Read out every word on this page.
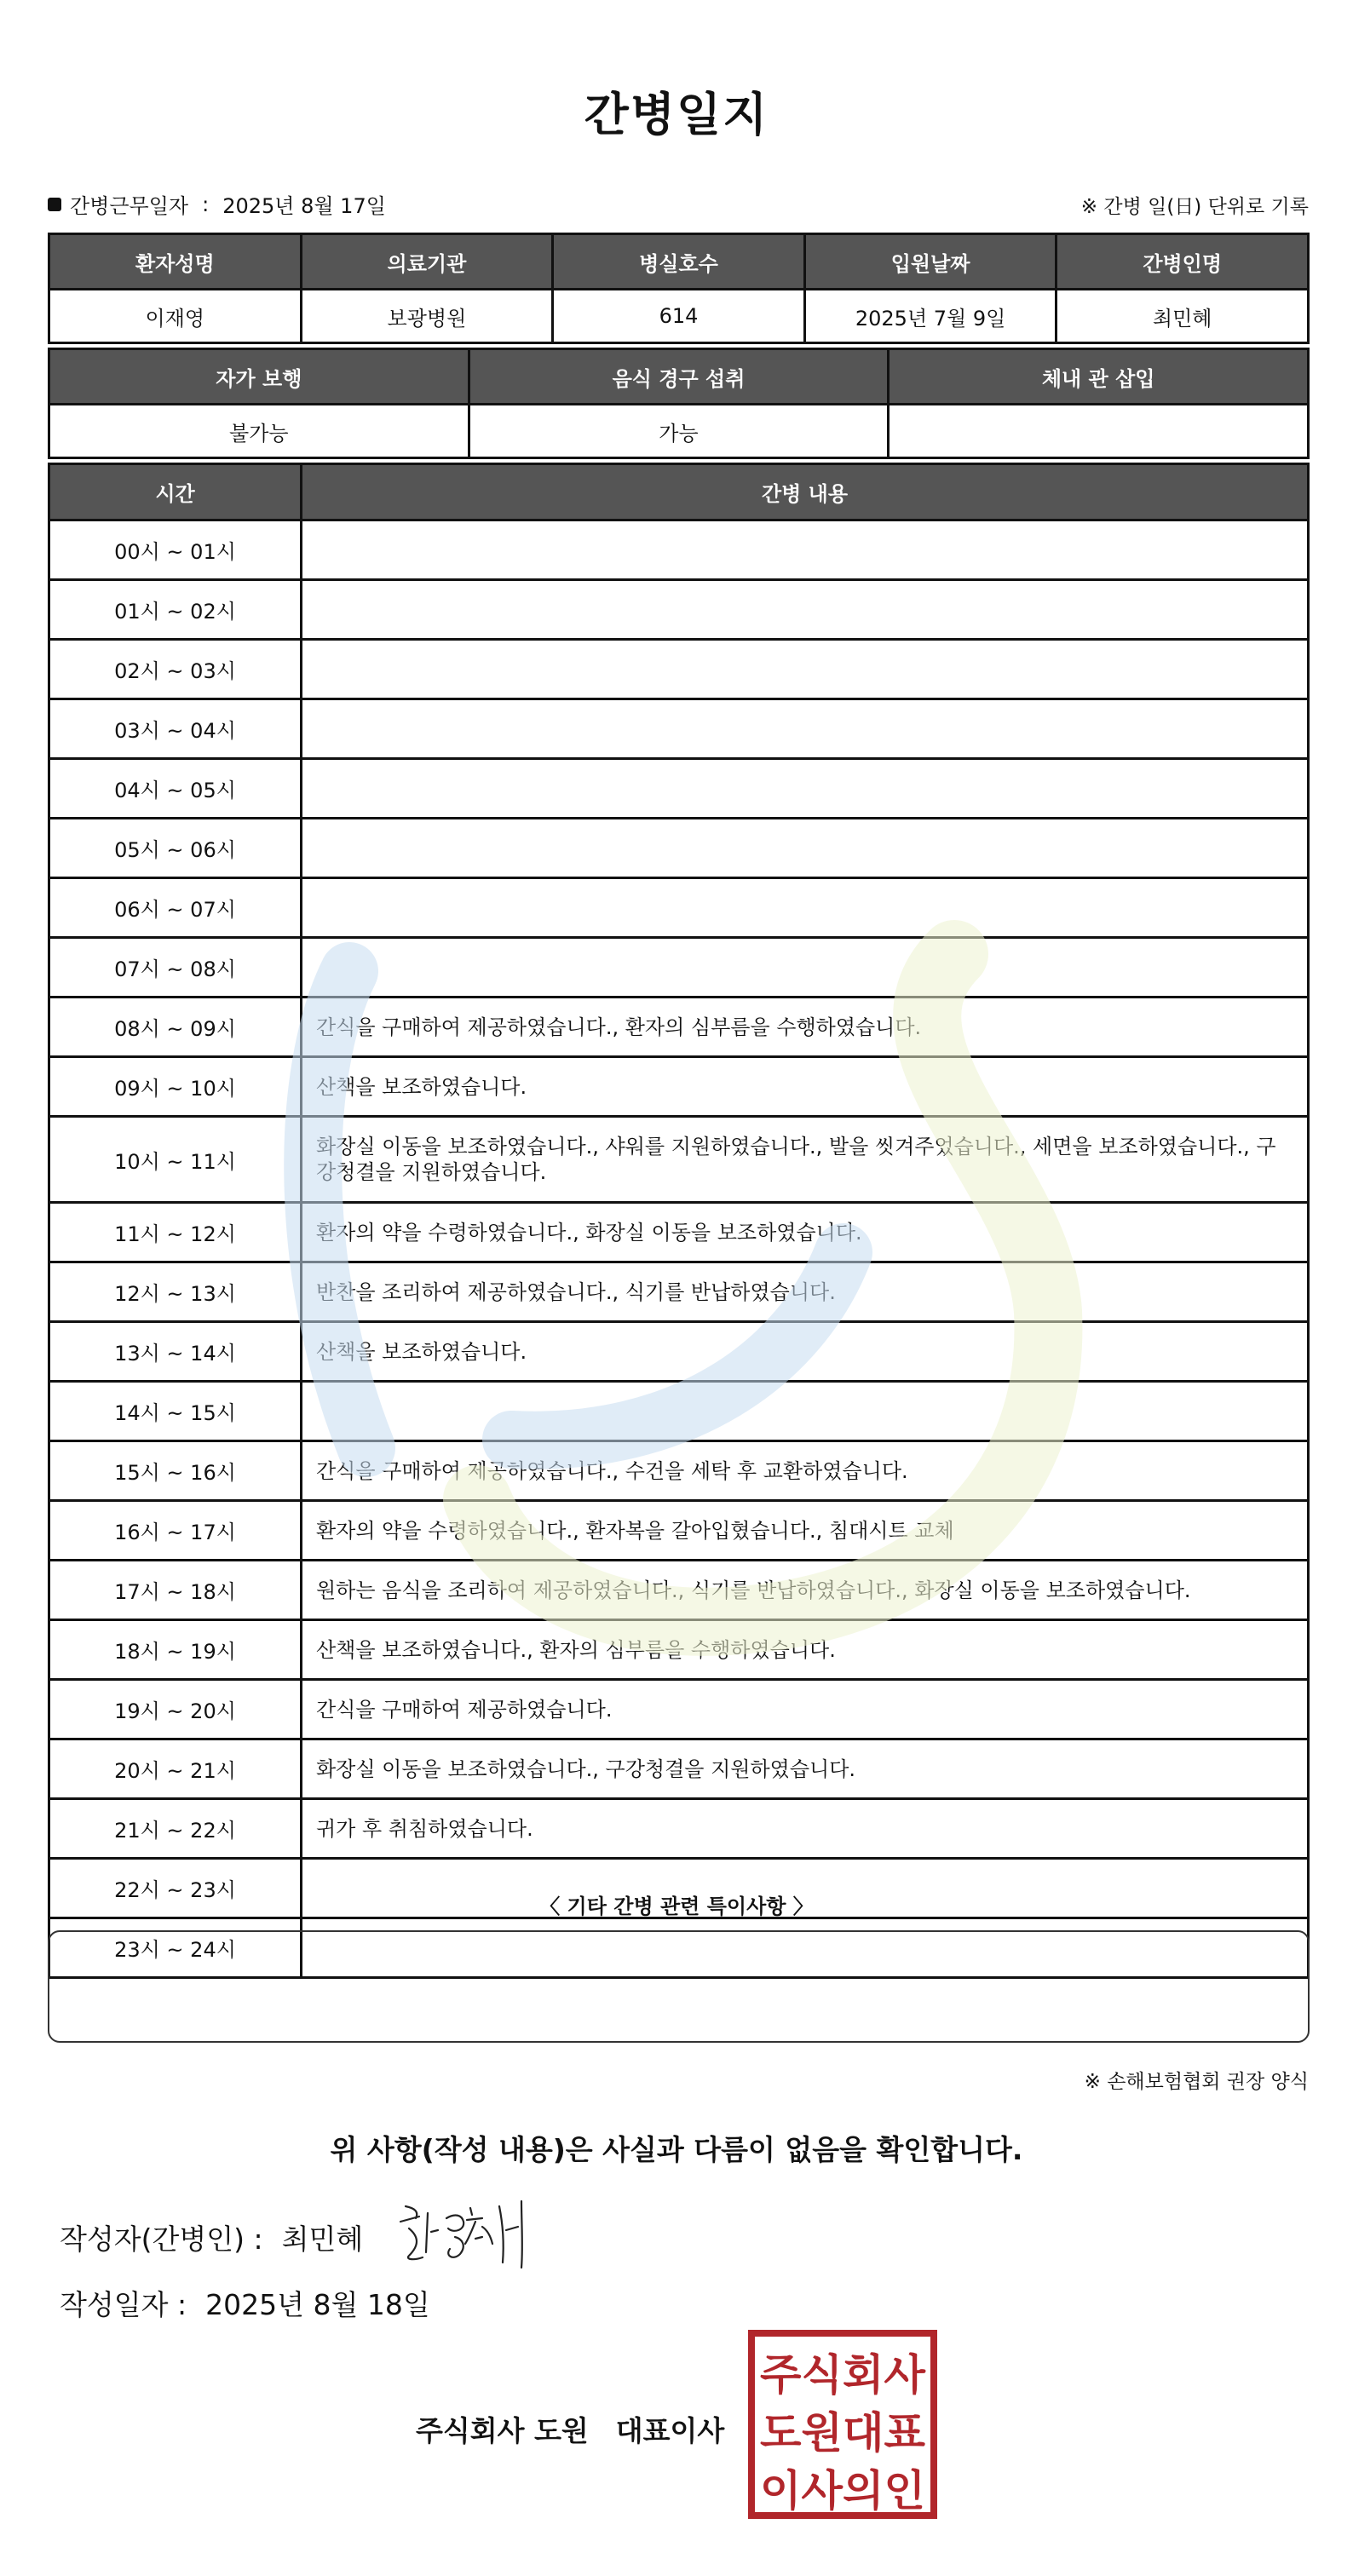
간병일지
간병근무일자 : 2025년 8월 17일	※ 간병 일(日) 단위로 기록
환자성명	의료기관	병실호수	입원날짜	간병인명
이재영	보광병원	614	2025년 7월 9일	최민혜
자가 보행	음식 경구 섭취	체내 관 삽입
불가능	가능	
시간	간병 내용
00시 ~ 01시	
01시 ~ 02시	
02시 ~ 03시	
03시 ~ 04시	
04시 ~ 05시	
05시 ~ 06시	
06시 ~ 07시	
07시 ~ 08시	
08시 ~ 09시	간식을 구매하여 제공하였습니다., 환자의 심부름을 수행하였습니다.
09시 ~ 10시	산책을 보조하였습니다.
10시 ~ 11시	화장실 이동을 보조하였습니다., 샤워를 지원하였습니다., 발을 씻겨주었습니다., 세면을 보조하였습니다., 구강청결을 지원하였습니다.
11시 ~ 12시	환자의 약을 수령하였습니다., 화장실 이동을 보조하였습니다.
12시 ~ 13시	반찬을 조리하여 제공하였습니다., 식기를 반납하였습니다.
13시 ~ 14시	산책을 보조하였습니다.
14시 ~ 15시	
15시 ~ 16시	간식을 구매하여 제공하였습니다., 수건을 세탁 후 교환하였습니다.
16시 ~ 17시	환자의 약을 수령하였습니다., 환자복을 갈아입혔습니다., 침대시트 교체
17시 ~ 18시	원하는 음식을 조리하여 제공하였습니다., 식기를 반납하였습니다., 화장실 이동을 보조하였습니다.
18시 ~ 19시	산책을 보조하였습니다., 환자의 심부름을 수행하였습니다.
19시 ~ 20시	간식을 구매하여 제공하였습니다.
20시 ~ 21시	화장실 이동을 보조하였습니다., 구강청결을 지원하였습니다.
21시 ~ 22시	귀가 후 취침하였습니다.
22시 ~ 23시	
23시 ~ 24시	
〈 기타 간병 관련 특이사항 〉
※ 손해보험협회 권장 양식
위 사항(작성 내용)은 사실과 다름이 없음을 확인합니다.
작성자(간병인) : 최민혜
작성일자 : 2025년 8월 18일
주식회사 도원 대표이사
주식회사
도원대표
이사의인
